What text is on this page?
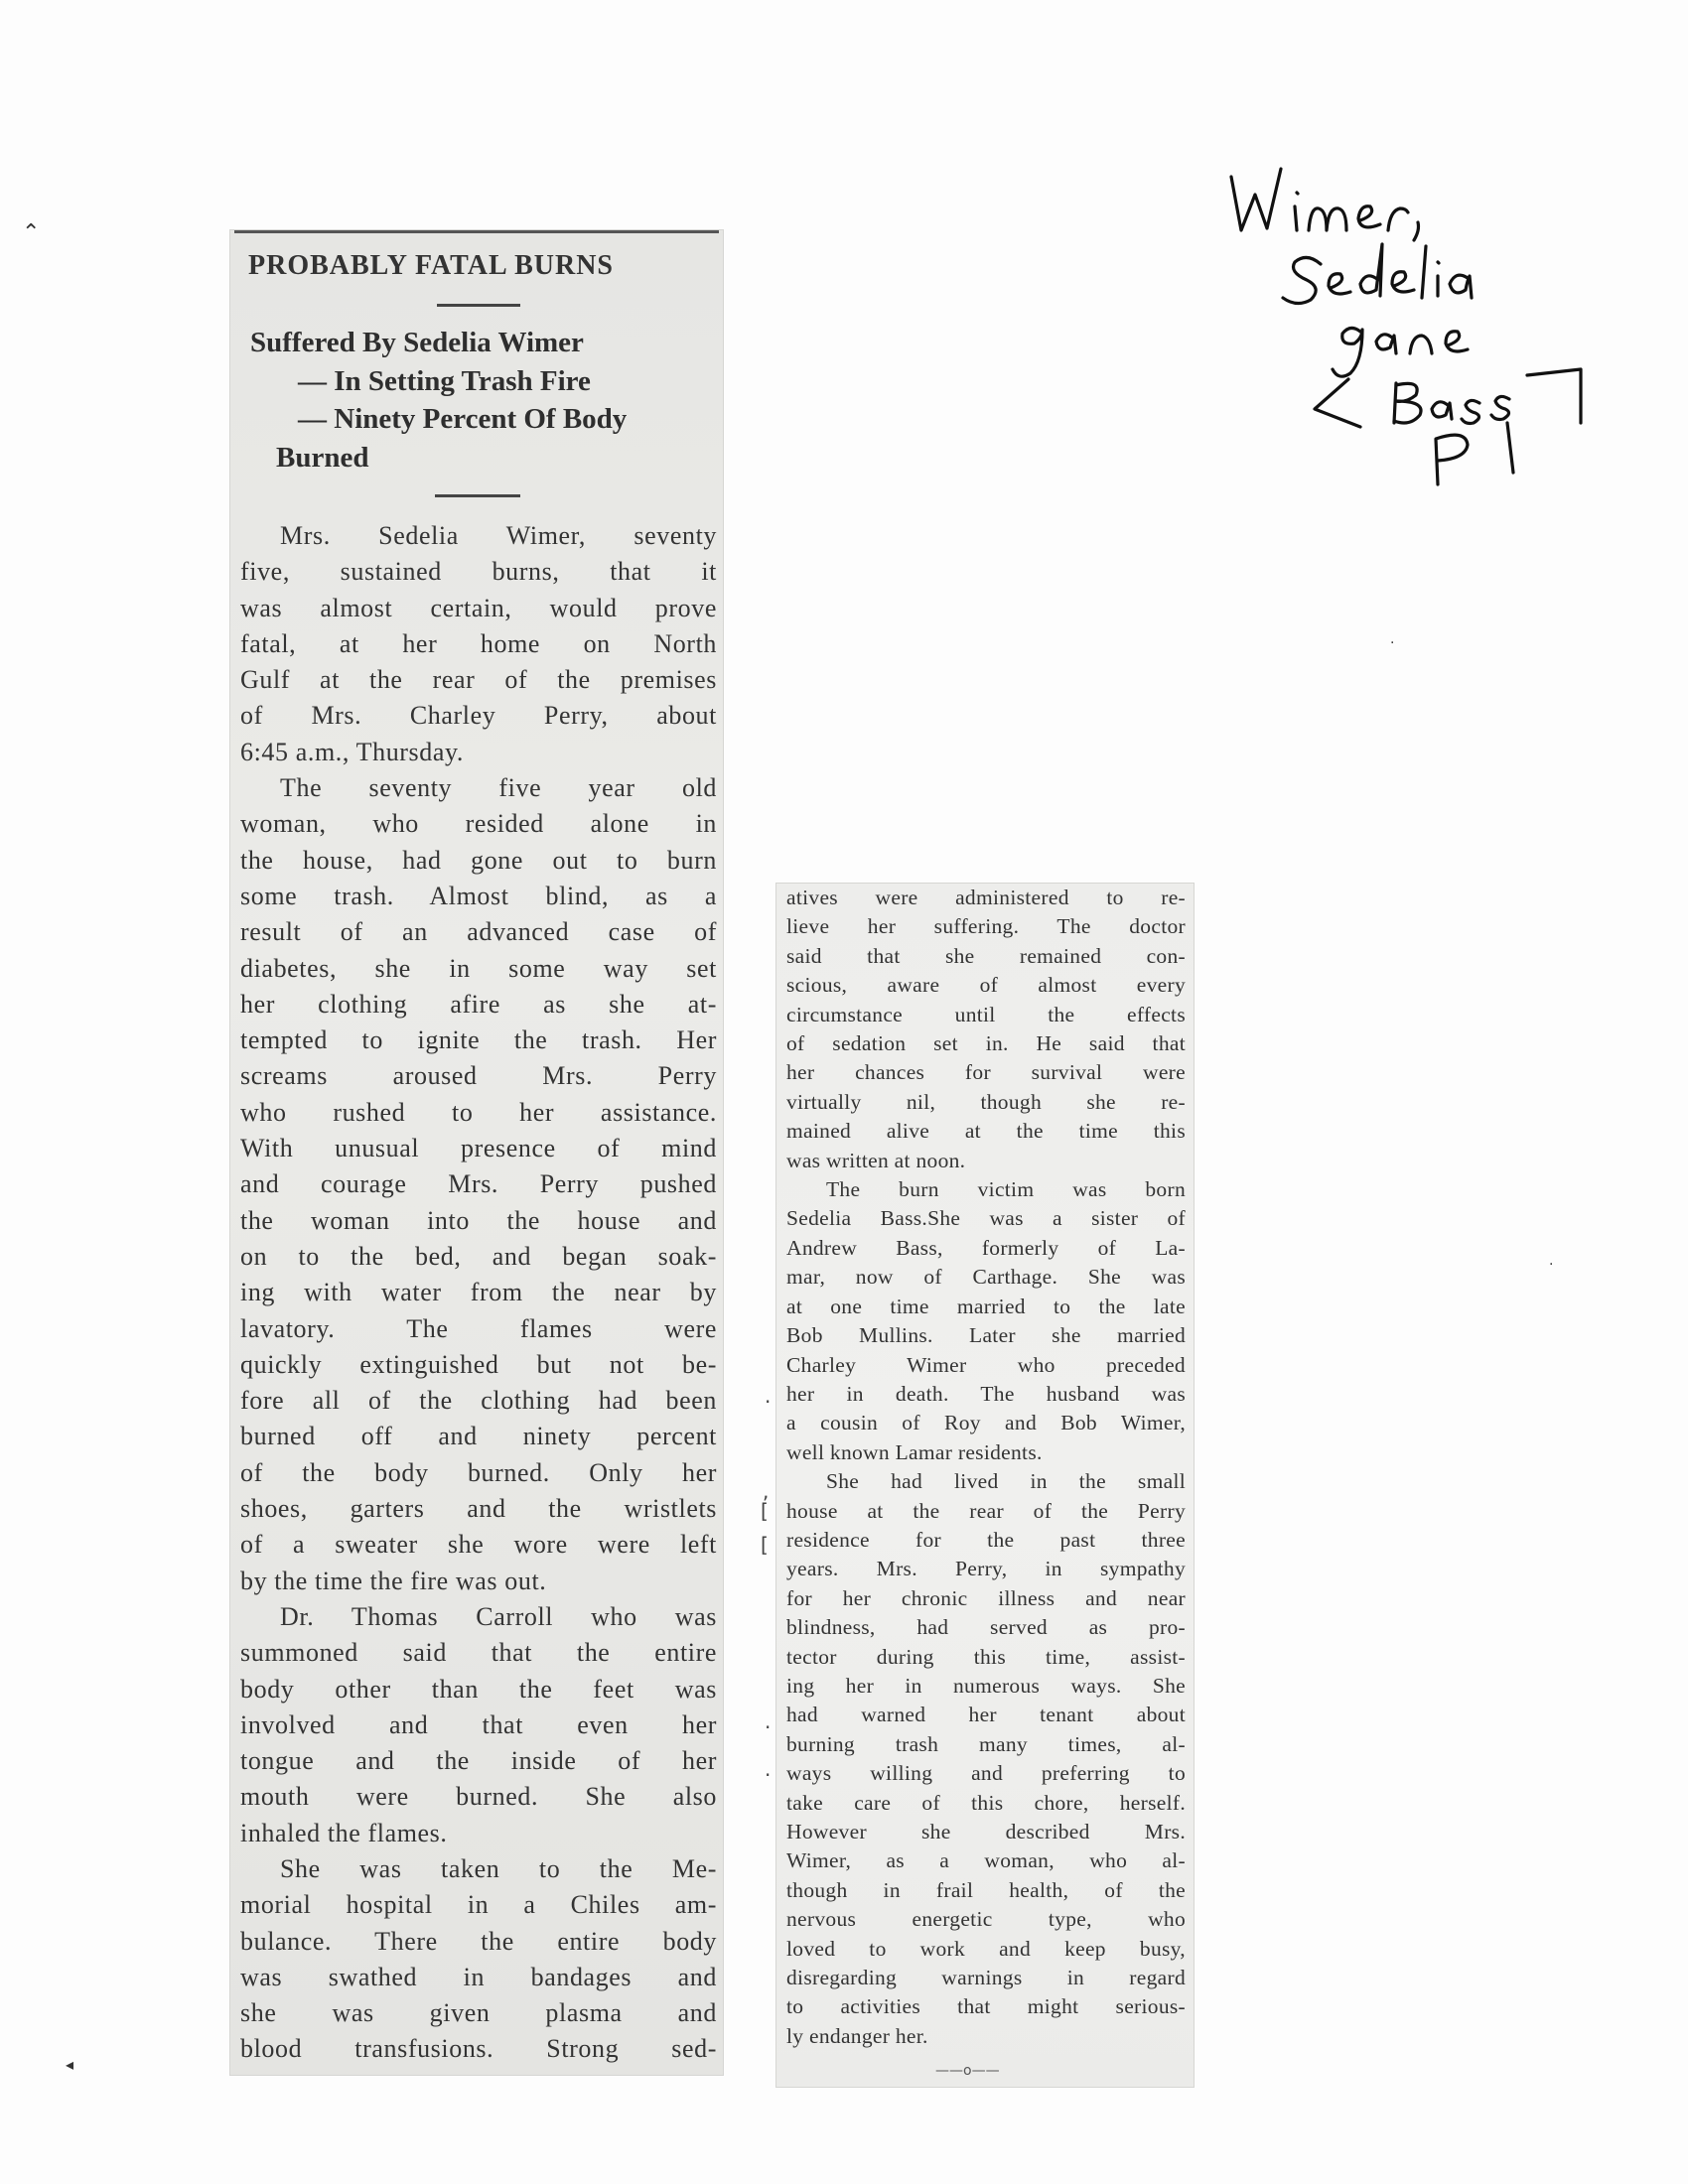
⌃
◂
·
·
PROBABLY FATAL BURNS
Suffered By Sedelia Wimer
— In Setting Trash Fire
— Ninety Percent Of Body
Burned
Mrs. Sedelia Wimer, seventy
five, sustained burns, that it
was almost certain, would prove
fatal, at her home on North
Gulf at the rear of the premises
of Mrs. Charley Perry, about
6:45 a.m., Thursday.
The seventy five year old
woman, who resided alone in
the house, had gone out to burn
some trash. Almost blind, as a
result of an advanced case of
diabetes, she in some way set
her clothing afire as she at-
tempted to ignite the trash. Her
screams aroused Mrs. Perry
who rushed to her assistance.
With unusual presence of mind
and courage Mrs. Perry pushed
the woman into the house and
on to the bed, and began soak-
ing with water from the near by
lavatory. The flames were
quickly extinguished but not be-
fore all of the clothing had been
burned off and ninety percent
of the body burned. Only her
shoes, garters and the wristlets
of a sweater she wore were left
by the time the fire was out.
Dr. Thomas Carroll who was
summoned said that the entire
body other than the feet was
involved and that even her
tongue and the inside of her
mouth were burned. She also
inhaled the flames.
She was taken to the Me-
morial hospital in a Chiles am-
bulance. There the entire body
was swathed in bandages and
she was given plasma and
blood transfusions. Strong sed-
atives were administered to re-
lieve her suffering. The doctor
said that she remained con-
scious, aware of almost every
circumstance until the effects
of sedation set in. He said that
her chances for survival were
virtually nil, though she re-
mained alive at the time this
was written at noon.
The burn victim was born
Sedelia Bass.She was a sister of
Andrew Bass, formerly of La-
mar, now of Carthage. She was
at one time married to the late
Bob Mullins. Later she married
Charley Wimer who preceded
her in death. The husband was
a cousin of Roy and Bob Wimer,
well known Lamar residents.
She had lived in the small
house at the rear of the Perry
residence for the past three
years. Mrs. Perry, in sympathy
for her chronic illness and near
blindness, had served as pro-
tector during this time, assist-
ing her in numerous ways. She
had warned her tenant about
burning trash many times, al-
ways willing and preferring to
take care of this chore, herself.
However she described Mrs.
Wimer, as a woman, who al-
though in frail health, of the
nervous energetic type, who
loved to work and keep busy,
disregarding warnings in regard
to activities that might serious-
ly endanger her.
——o——
·
,
[
[
·
·
